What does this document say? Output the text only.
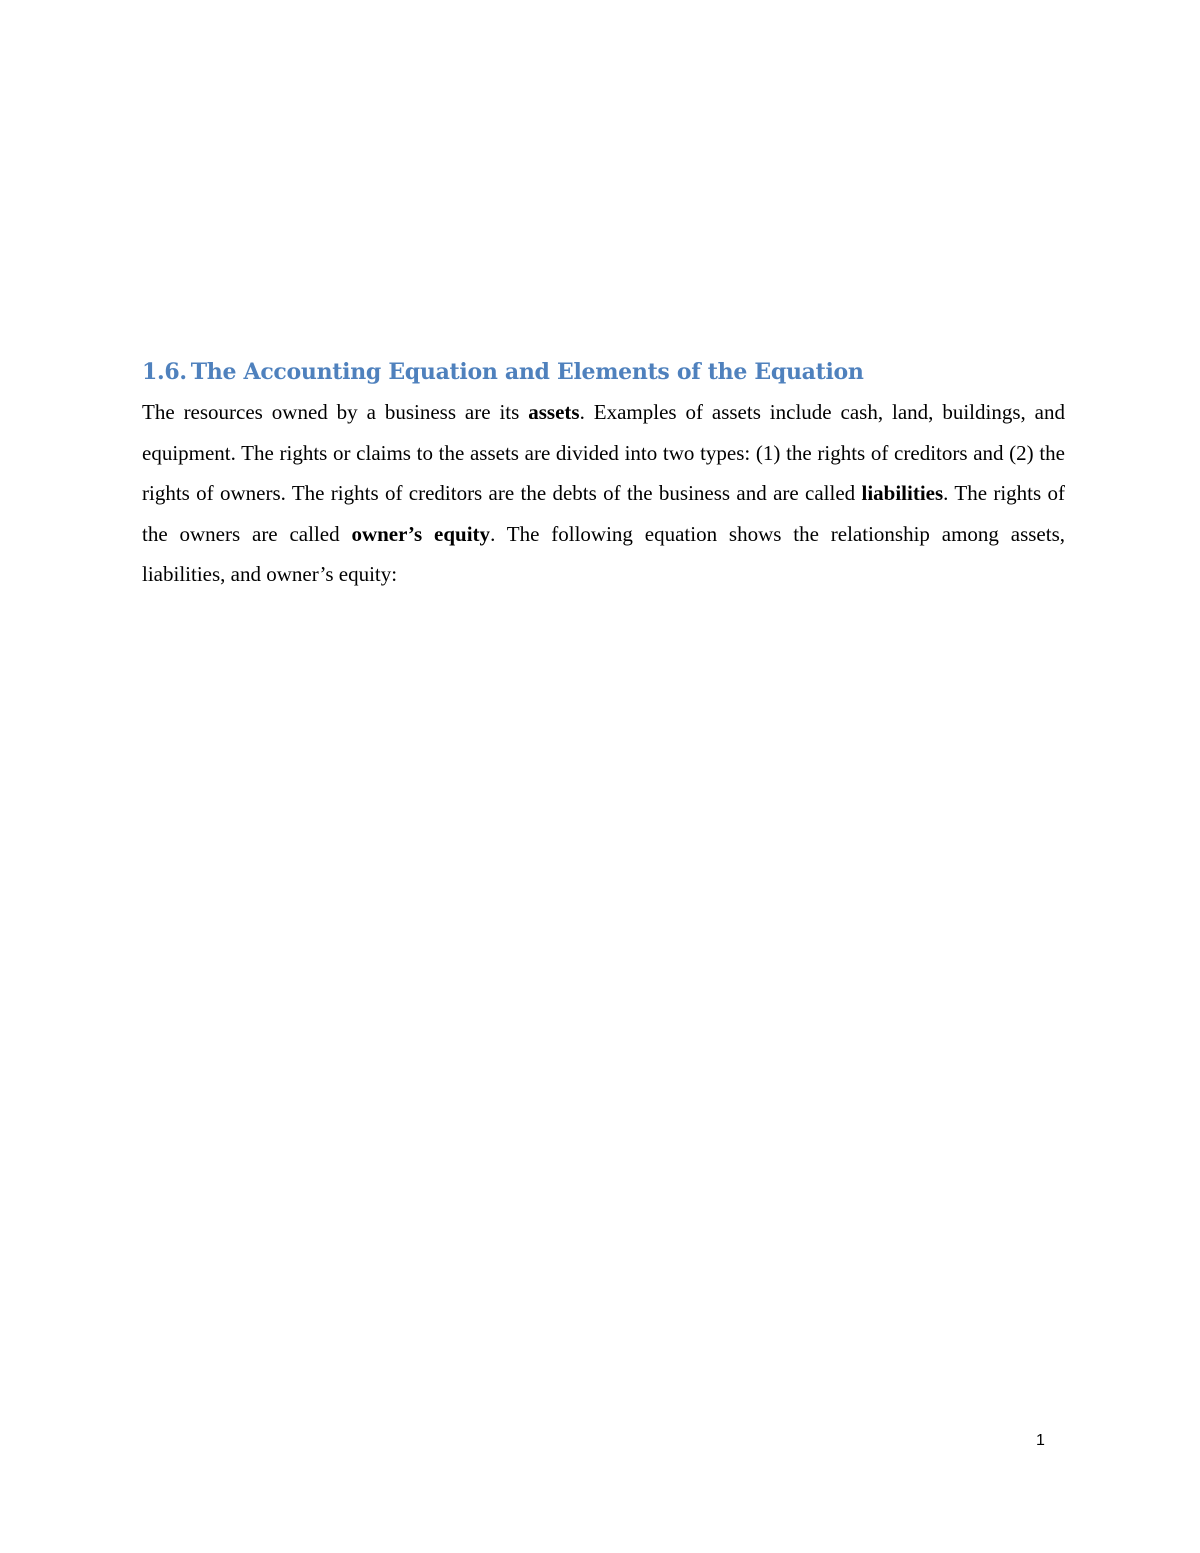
1.6. The Accounting Equation and Elements of the Equation

The resources owned by a business are its assets. Examples of assets include cash, land, buildings, and equipment. The rights or claims to the assets are divided into two types: (1) the rights of creditors and (2) the rights of owners. The rights of creditors are the debts of the business and are called liabilities. The rights of the owners are called owner’s equity. The following equation shows the relationship among assets, liabilities, and owner’s equity:

1
